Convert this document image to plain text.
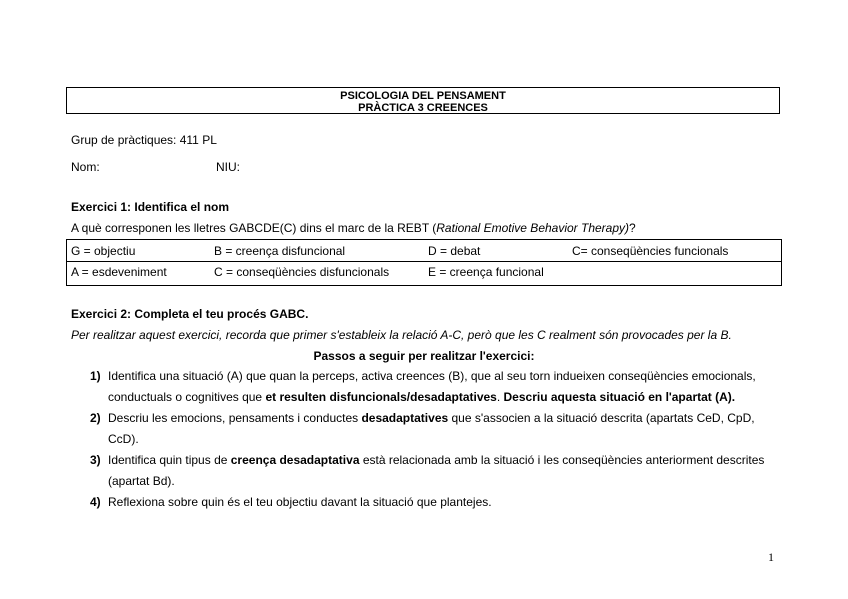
PSICOLOGIA DEL PENSAMENT
PRÀCTICA 3 CREENCES
Grup de pràctiques: 411 PL
Nom:	NIU:
Exercici 1: Identifica el nom
A què corresponen les lletres GABCDE(C) dins el marc de la REBT (Rational Emotive Behavior Therapy)?
G = objectiu	B = creença disfuncional	D = debat	C= conseqüències funcionals
A = esdeveniment	C = conseqüències disfuncionals	E = creença funcional
Exercici 2: Completa el teu procés GABC.
Per realitzar aquest exercici, recorda que primer s'estableix la relació A-C, però que les C realment són provocades per la B.
Passos a seguir per realitzar l'exercici:
1) Identifica una situació (A) que quan la perceps, activa creences (B), que al seu torn indueixen conseqüències emocionals, conductuals o cognitives que et resulten disfuncionals/desadaptatives. Descriu aquesta situació en l'apartat (A).
2) Descriu les emocions, pensaments i conductes desadaptatives que s'associen a la situació descrita (apartats CeD, CpD, CcD).
3) Identifica quin tipus de creença desadaptativa està relacionada amb la situació i les conseqüències anteriorment descrites (apartat Bd).
4) Reflexiona sobre quin és el teu objectiu davant la situació que plantejes.
1
